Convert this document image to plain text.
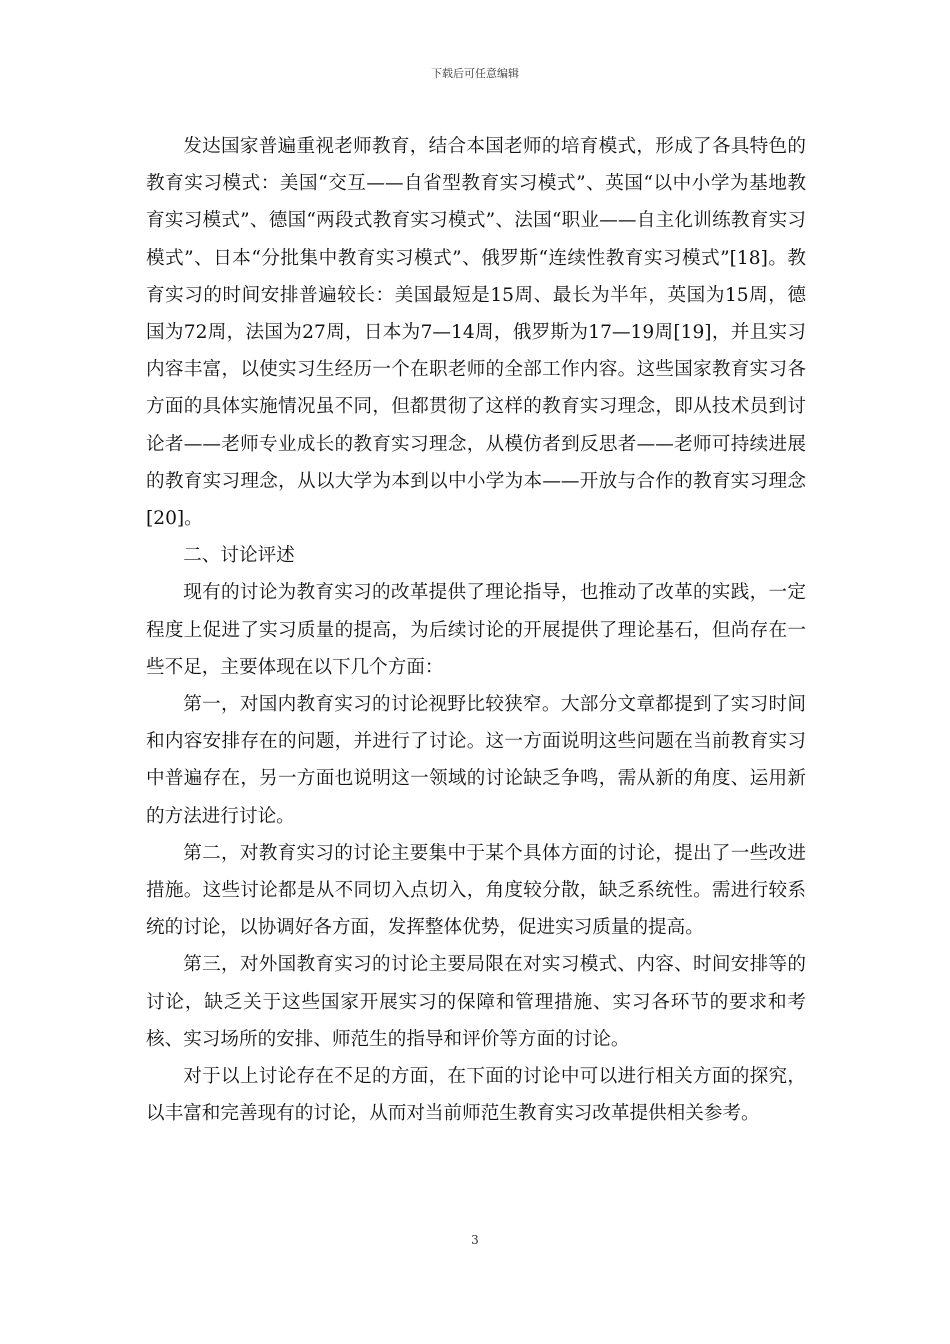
下载后可任意编辑

发达国家普遍重视老师教育，结合本国老师的培育模式，形成了各具特色的教育实习模式：美国“交互——自省型教育实习模式”、英国“以中小学为基地教育实习模式”、德国“两段式教育实习模式”、法国“职业——自主化训练教育实习模式”、日本“分批集中教育实习模式”、俄罗斯“连续性教育实习模式”[18]。教育实习的时间安排普遍较长：美国最短是15周、最长为半年，英国为15周，德国为72周，法国为27周，日本为7—14周，俄罗斯为17—19周[19]，并且实习内容丰富，以使实习生经历一个在职老师的全部工作内容。这些国家教育实习各方面的具体实施情况虽不同，但都贯彻了这样的教育实习理念，即从技术员到讨论者——老师专业成长的教育实习理念，从模仿者到反思者——老师可持续进展的教育实习理念，从以大学为本到以中小学为本——开放与合作的教育实习理念[20]。

二、讨论评述

现有的讨论为教育实习的改革提供了理论指导，也推动了改革的实践，一定程度上促进了实习质量的提高，为后续讨论的开展提供了理论基石，但尚存在一些不足，主要体现在以下几个方面：

第一，对国内教育实习的讨论视野比较狭窄。大部分文章都提到了实习时间和内容安排存在的问题，并进行了讨论。这一方面说明这些问题在当前教育实习中普遍存在，另一方面也说明这一领域的讨论缺乏争鸣，需从新的角度、运用新的方法进行讨论。

第二，对教育实习的讨论主要集中于某个具体方面的讨论，提出了一些改进措施。这些讨论都是从不同切入点切入，角度较分散，缺乏系统性。需进行较系统的讨论，以协调好各方面，发挥整体优势，促进实习质量的提高。

第三，对外国教育实习的讨论主要局限在对实习模式、内容、时间安排等的讨论，缺乏关于这些国家开展实习的保障和管理措施、实习各环节的要求和考核、实习场所的安排、师范生的指导和评价等方面的讨论。

对于以上讨论存在不足的方面，在下面的讨论中可以进行相关方面的探究，以丰富和完善现有的讨论，从而对当前师范生教育实习改革提供相关参考。

3
